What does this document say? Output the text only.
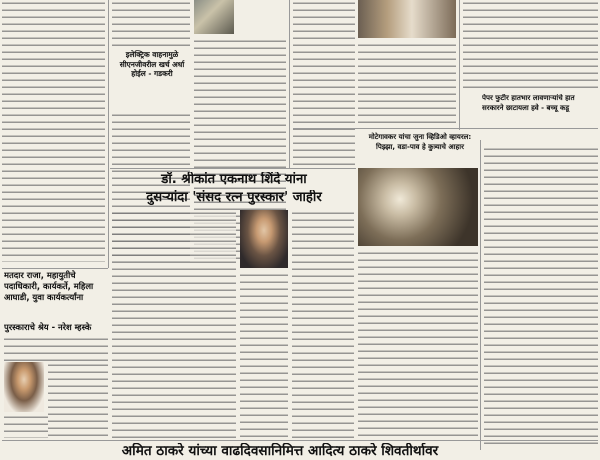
इलेक्ट्रिक वाहनामुळे सीएनजीवरील खर्च अर्धा होईल - गडकरी
मोटेगावकर यांचा जुना व्हिडिओ व्हायरल: पिझ्झा, वडा-पाव हे कुत्र्याचे आहार
पेपर फुटीर हातभार लावणाऱ्यांचे हात सरकारने छाटायला हवे - बच्चू कडू
डॉ. श्रीकांत एकनाथ शिंदे यांना
दुसऱ्यांदा 'संसद रत्न पुरस्कार' जाहीर
मतदार राजा, महायुतीचे पदाधिकारी, कार्यकर्ते, महिला आघाडी, युवा कार्यकर्त्यांना
पुरस्काराचे श्रेय - नरेश म्हस्के
अमित ठाकरे यांच्या वाढदिवसानिमित्त आदित्य ठाकरे शिवतीर्थावर
